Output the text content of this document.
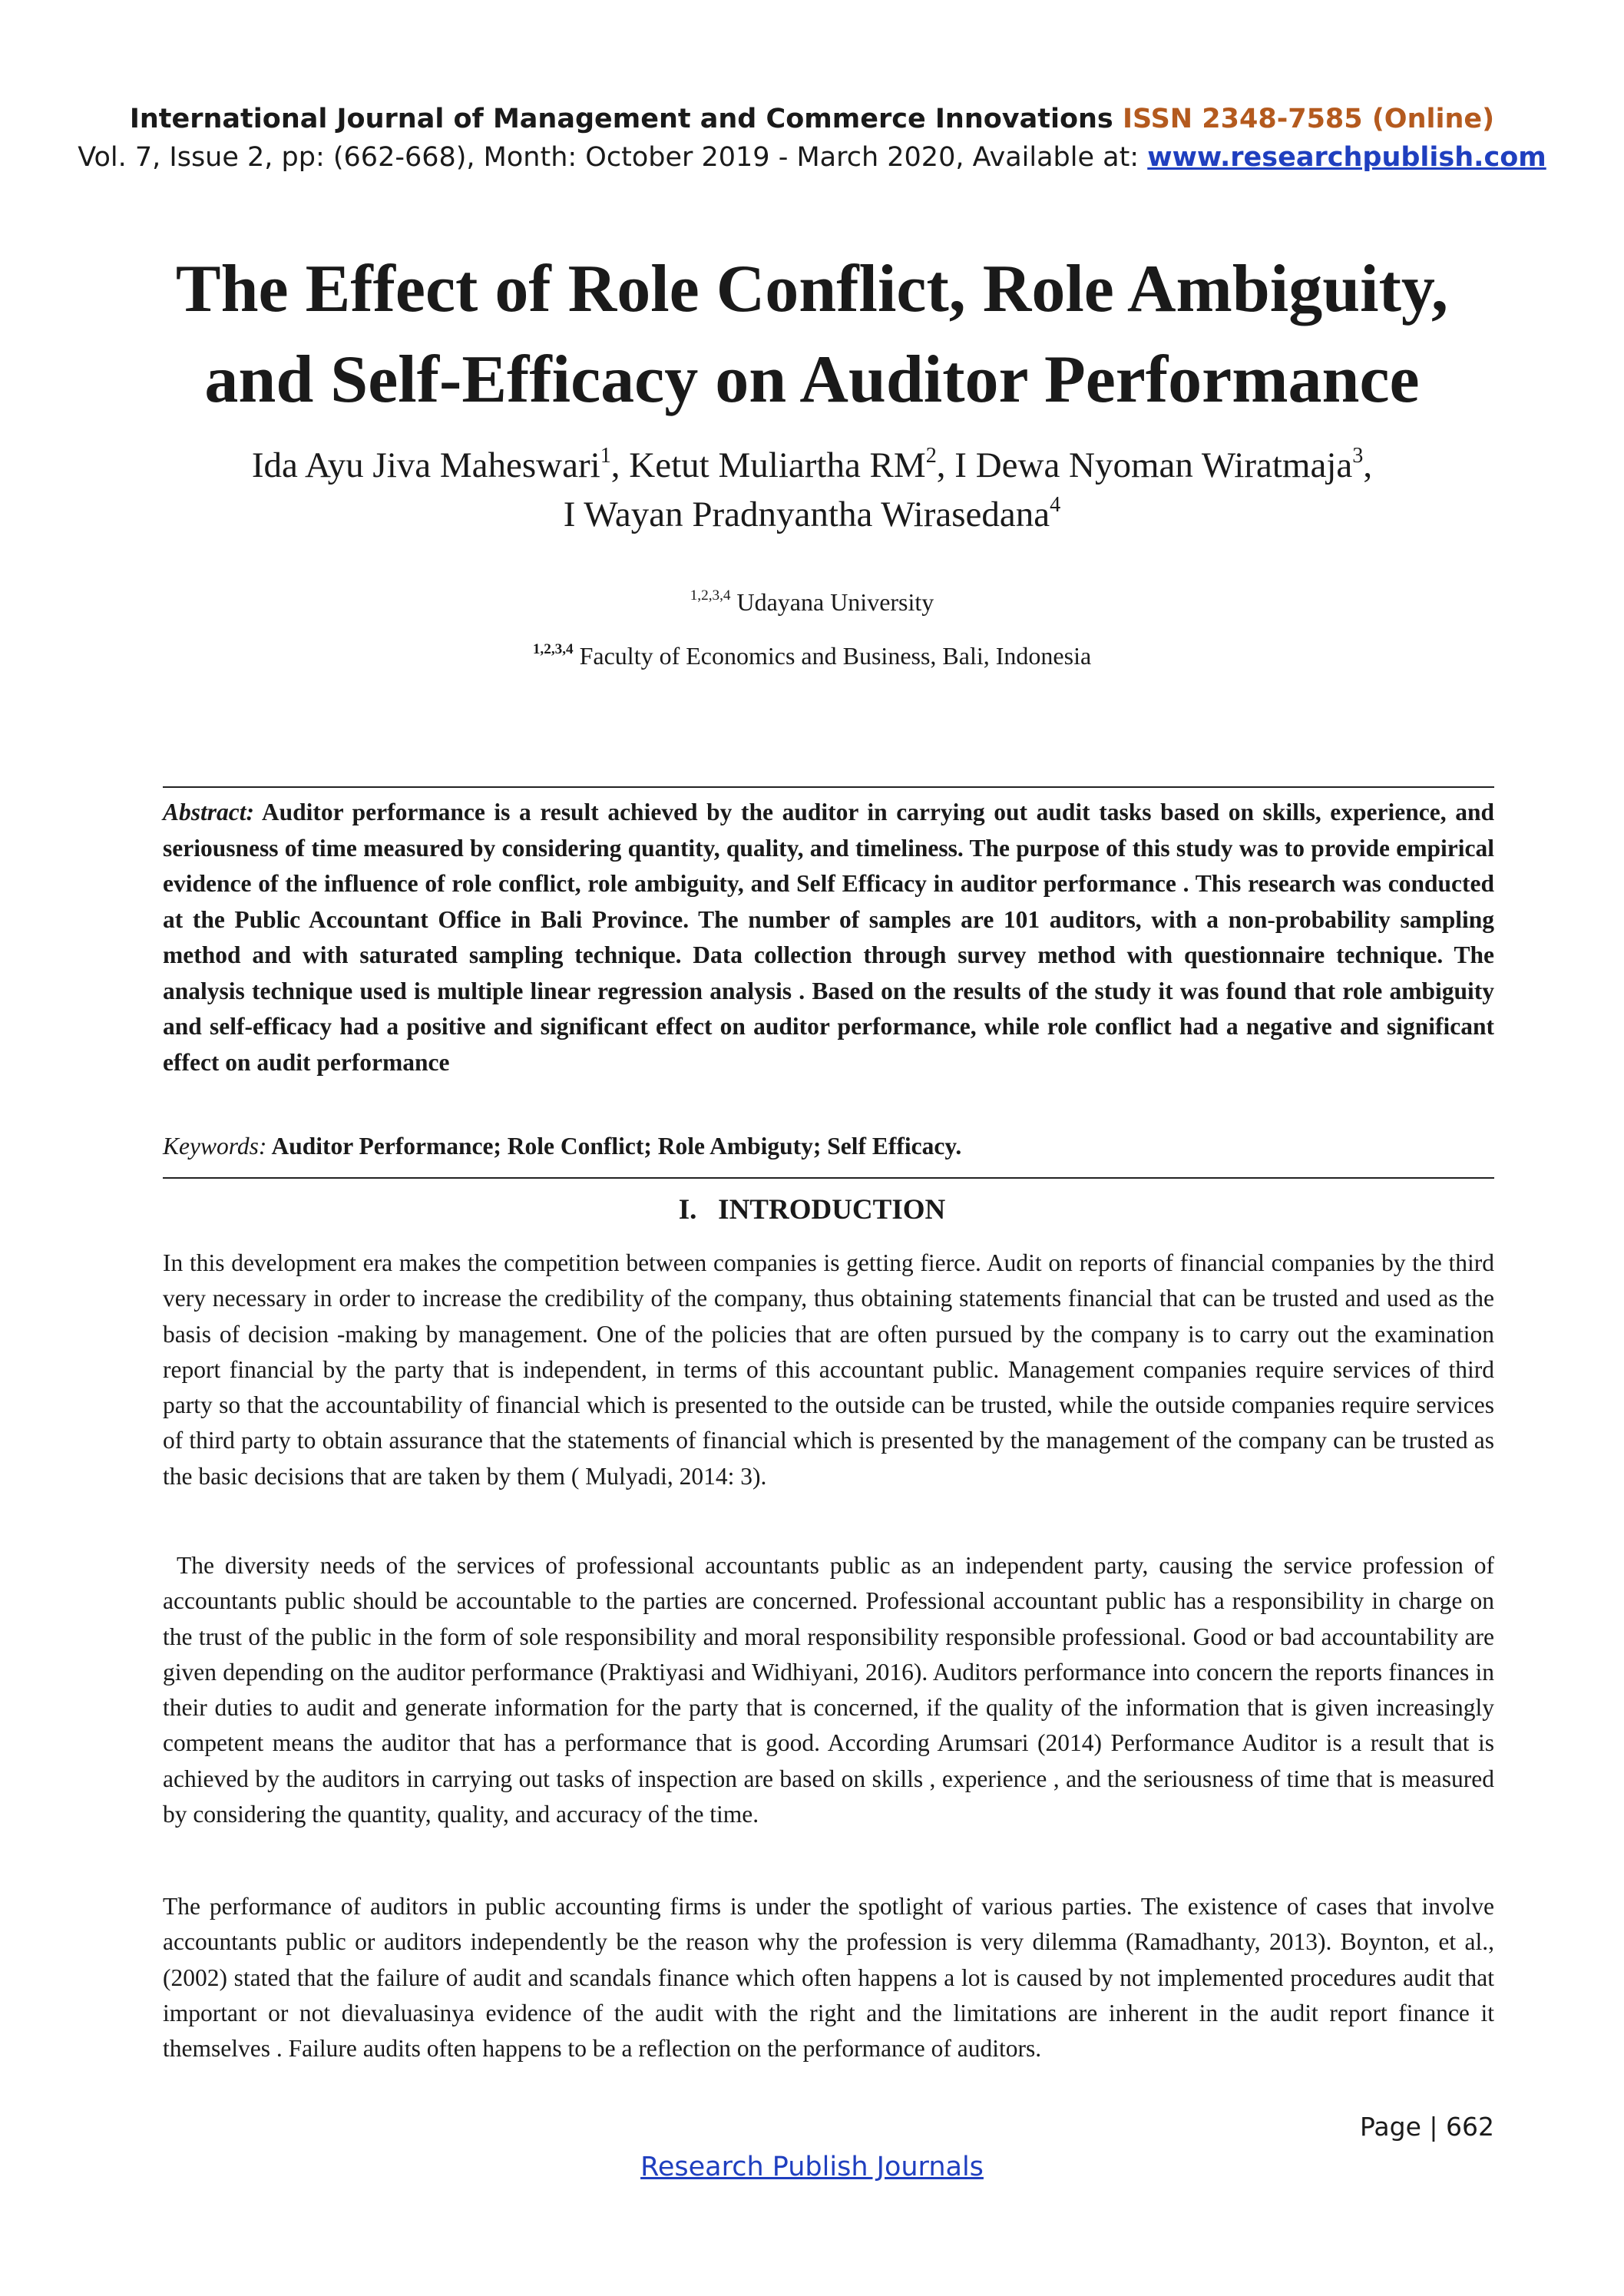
International Journal of Management and Commerce Innovations ISSN 2348-7585 (Online)
Vol. 7, Issue 2, pp: (662-668), Month: October 2019 - March 2020, Available at: www.researchpublish.com
The Effect of Role Conflict, Role Ambiguity,
and Self-Efficacy on Auditor Performance
Ida Ayu Jiva Maheswari$^1$, Ketut Muliartha $RM^2$, I Dewa Nyoman Wiratmaja$^3$,
I Wayan Pradnyantha Wirasedana$^4$
$^{1,2,3,4}$ Udayana University
$^{1,2,3,4}$ Faculty of Economics and Business, Bali, Indonesia
Abstract: Auditor performance is a result achieved by the auditor in carrying out audit tasks based on skills, experience, and seriousness of time measured by considering quantity, quality, and timeliness. The purpose of this study was to provide empirical evidence of the influence of role conflict, role ambiguity, and Self Efficacy in auditor performance . This research was conducted at the Public Accountant Office in Bali Province. The number of samples are 101 auditors, with a non-probability sampling method and with saturated sampling technique. Data collection through survey method with questionnaire technique. The analysis technique used is multiple linear regression analysis . Based on the results of the study it was found that role ambiguity and self-efficacy had a positive and significant effect on auditor performance, while role conflict had a negative and significant effect on audit performance
Keywords: Auditor Performance; Role Conflict; Role Ambiguty; Self Efficacy.
I.   INTRODUCTION

In this development era makes the competition between companies is getting fierce. Audit on reports of financial companies by the third very necessary in order to increase the credibility of the company, thus obtaining statements financial that can be trusted and used as the basis of decision -making by management. One of the policies that are often pursued by the company is to carry out the examination report financial by the party that is independent, in terms of this accountant public. Management companies require services of third party so that the accountability of financial which is presented to the outside can be trusted, while the outside companies require services of third party to obtain assurance that the statements of financial which is presented by the management of the company can be trusted as the basic decisions that are taken by them ( Mulyadi, 2014: 3).

The diversity needs of the services of professional accountants public as an independent party, causing the service profession of accountants public should be accountable to the parties are concerned. Professional accountant public has a responsibility in charge on the trust of the public in the form of sole responsibility and moral responsibility responsible professional. Good or bad accountability are given depending on the auditor performance (Praktiyasi and Widhiyani, 2016). Auditors performance into concern the reports finances in their duties to audit and generate information for the party that is concerned, if the quality of the information that is given increasingly competent means the auditor that has a performance that is good. According Arumsari (2014) Performance Auditor is a result that is achieved by the auditors in carrying out tasks of inspection are based on skills , experience , and the seriousness of time that is measured by considering the quantity, quality, and accuracy of the time.

The performance of auditors in public accounting firms is under the spotlight of various parties. The existence of cases that involve accountants public or auditors independently be the reason why the profession is very dilemma (Ramadhanty, 2013). Boynton, et al., (2002) stated that the failure of audit and scandals finance which often happens a lot is caused by not implemented procedures audit that important or not dievaluasinya evidence of the audit with the right and the limitations are inherent in the audit report finance it themselves . Failure audits often happens to be a reflection on the performance of auditors.

Page | 662
Research Publish Journals
